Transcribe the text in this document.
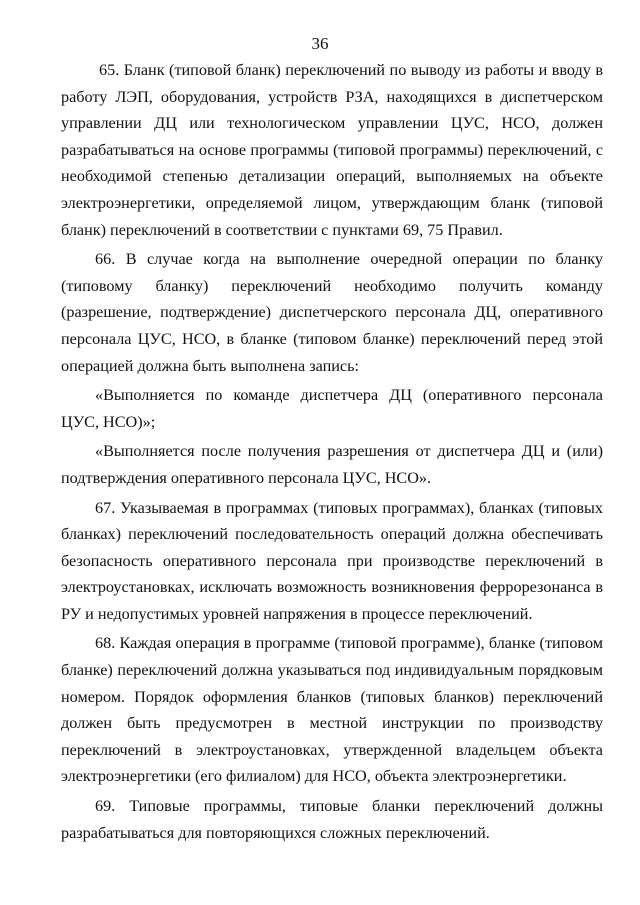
36

65. Бланк (типовой бланк) переключений по выводу из работы и вводу в работу ЛЭП, оборудования, устройств РЗА, находящихся в диспетчерском управлении ДЦ или технологическом управлении ЦУС, НСО, должен разрабатываться на основе программы (типовой программы) переключений, с необходимой степенью детализации операций, выполняемых на объекте электроэнергетики, определяемой лицом, утверждающим бланк (типовой бланк) переключений в соответствии с пунктами 69, 75 Правил.

66. В случае когда на выполнение очередной операции по бланку (типовому бланку) переключений необходимо получить команду (разрешение, подтверждение) диспетчерского персонала ДЦ, оперативного персонала ЦУС, НСО, в бланке (типовом бланке) переключений перед этой операцией должна быть выполнена запись:

«Выполняется по команде диспетчера ДЦ (оперативного персонала ЦУС, НСО)»;

«Выполняется после получения разрешения от диспетчера ДЦ и (или) подтверждения оперативного персонала ЦУС, НСО».

67. Указываемая в программах (типовых программах), бланках (типовых бланках) переключений последовательность операций должна обеспечивать безопасность оперативного персонала при производстве переключений в электроустановках, исключать возможность возникновения феррорезонанса в РУ и недопустимых уровней напряжения в процессе переключений.

68. Каждая операция в программе (типовой программе), бланке (типовом бланке) переключений должна указываться под индивидуальным порядковым номером. Порядок оформления бланков (типовых бланков) переключений должен быть предусмотрен в местной инструкции по производству переключений в электроустановках, утвержденной владельцем объекта электроэнергетики (его филиалом) для НСО, объекта электроэнергетики.

69. Типовые программы, типовые бланки переключений должны разрабатываться для повторяющихся сложных переключений.
